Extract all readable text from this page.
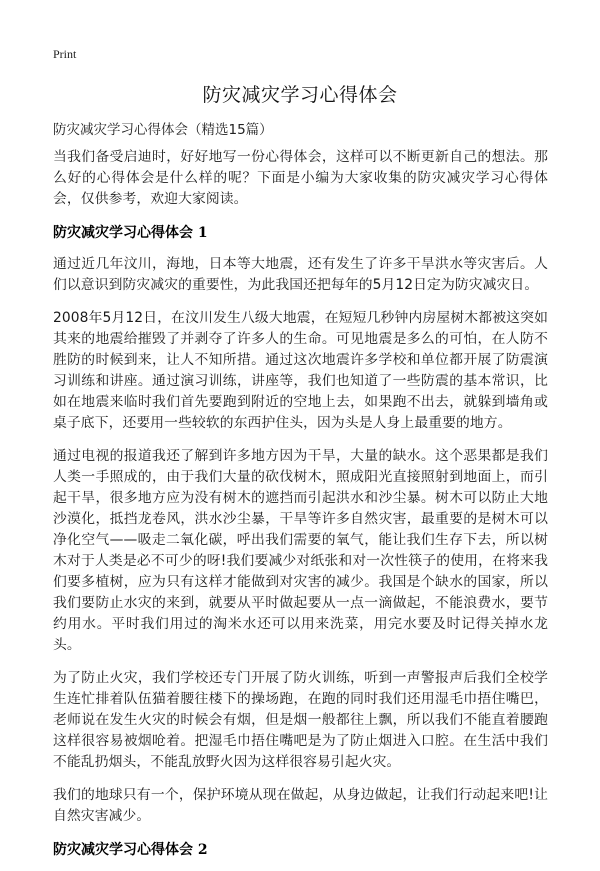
Print
防灾减灾学习心得体会

防灾减灾学习心得体会（精选15篇）

当我们备受启迪时，好好地写一份心得体会，这样可以不断更新自己的想法。那么好的心得体会是什么样的呢？下面是小编为大家收集的防灾减灾学习心得体会，仅供参考，欢迎大家阅读。

防灾减灾学习心得体会 1

通过近几年汶川，海地，日本等大地震，还有发生了许多干旱洪水等灾害后。人们以意识到防灾减灾的重要性，为此我国还把每年的5月12日定为防灾减灾日。

2008年5月12日，在汶川发生八级大地震，在短短几秒钟内房屋树木都被这突如其来的地震给摧毁了并剥夺了许多人的生命。可见地震是多么的可怕，在人防不胜防的时候到来，让人不知所措。通过这次地震许多学校和单位都开展了防震演习训练和讲座。通过演习训练，讲座等，我们也知道了一些防震的基本常识，比如在地震来临时我们首先要跑到附近的空地上去，如果跑不出去，就躲到墙角或桌子底下，还要用一些较软的东西护住头，因为头是人身上最重要的地方。

通过电视的报道我还了解到许多地方因为干旱，大量的缺水。这个恶果都是我们人类一手照成的，由于我们大量的砍伐树木，照成阳光直接照射到地面上，而引起干旱，很多地方应为没有树木的遮挡而引起洪水和沙尘暴。树木可以防止大地沙漠化，抵挡龙卷风，洪水沙尘暴，干旱等许多自然灾害，最重要的是树木可以净化空气——吸走二氧化碳，呼出我们需要的氧气，能让我们生存下去，所以树木对于人类是必不可少的呀!我们要减少对纸张和对一次性筷子的使用，在将来我们要多植树，应为只有这样才能做到对灾害的减少。我国是个缺水的国家，所以我们要防止水灾的来到，就要从平时做起要从一点一滴做起，不能浪费水，要节约用水。平时我们用过的淘米水还可以用来洗菜，用完水要及时记得关掉水龙头。

为了防止火灾，我们学校还专门开展了防火训练，听到一声警报声后我们全校学生连忙排着队伍猫着腰往楼下的操场跑，在跑的同时我们还用湿毛巾捂住嘴巴，老师说在发生火灾的时候会有烟，但是烟一般都往上飘，所以我们不能直着腰跑这样很容易被烟呛着。把湿毛巾捂住嘴吧是为了防止烟进入口腔。在生活中我们不能乱扔烟头，不能乱放野火因为这样很容易引起火灾。

我们的地球只有一个，保护环境从现在做起，从身边做起，让我们行动起来吧!让自然灾害减少。

防灾减灾学习心得体会 2
